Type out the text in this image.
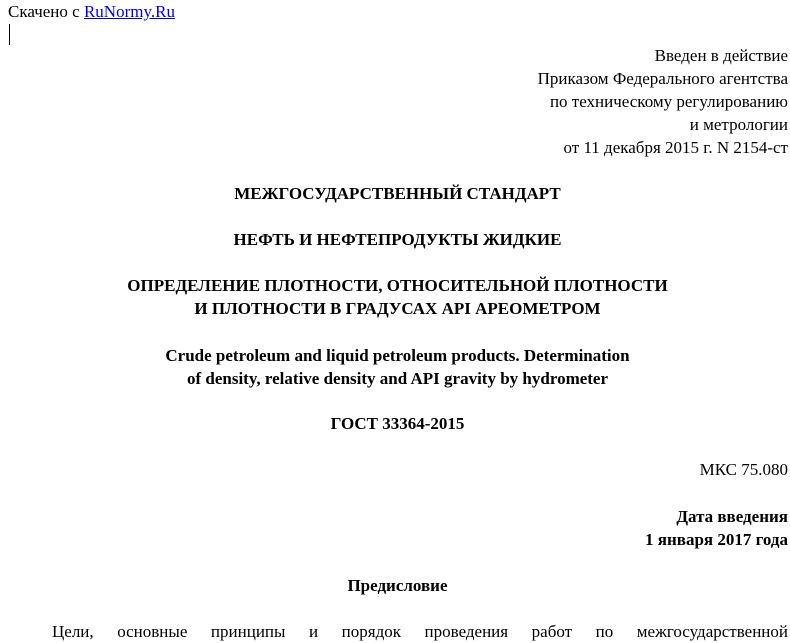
Скачено с RuNormy.Ru
Введен в действие
Приказом Федерального агентства
по техническому регулированию
и метрологии
от 11 декабря 2015 г. N 2154-ст
МЕЖГОСУДАРСТВЕННЫЙ СТАНДАРТ
НЕФТЬ И НЕФТЕПРОДУКТЫ ЖИДКИЕ
ОПРЕДЕЛЕНИЕ ПЛОТНОСТИ, ОТНОСИТЕЛЬНОЙ ПЛОТНОСТИ
И ПЛОТНОСТИ В ГРАДУСАХ API АРЕОМЕТРОМ
Crude petroleum and liquid petroleum products. Determination
of density, relative density and API gravity by hydrometer
ГОСТ 33364-2015
МКС 75.080
Дата введения
1 января 2017 года
Предисловие
Цели, основные принципы и порядок проведения работ по межгосударственной
